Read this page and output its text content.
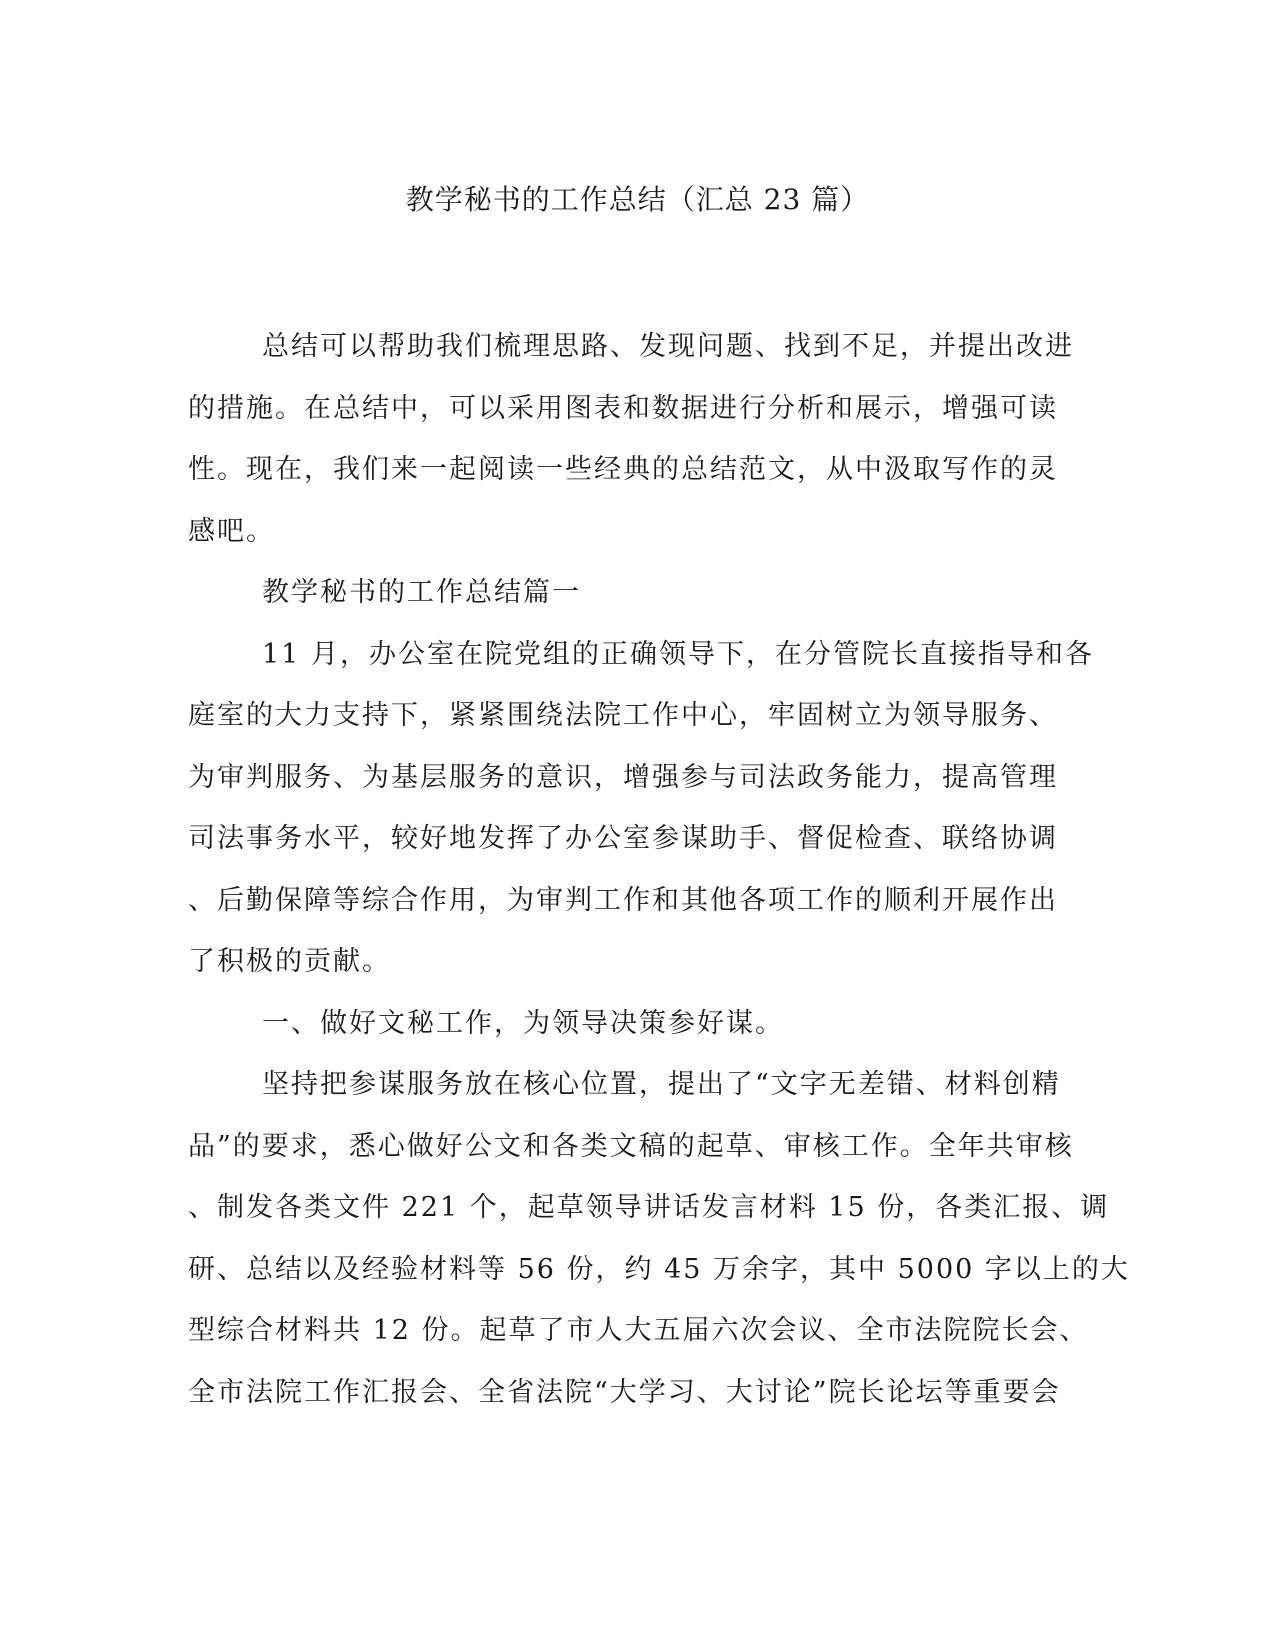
教学秘书的工作总结（汇总 23 篇）
总结可以帮助我们梳理思路、发现问题、找到不足，并提出改进
的措施。在总结中，可以采用图表和数据进行分析和展示，增强可读
性。现在，我们来一起阅读一些经典的总结范文，从中汲取写作的灵
感吧。
教学秘书的工作总结篇一
11 月，办公室在院党组的正确领导下，在分管院长直接指导和各
庭室的大力支持下，紧紧围绕法院工作中心，牢固树立为领导服务、
为审判服务、为基层服务的意识，增强参与司法政务能力，提高管理
司法事务水平，较好地发挥了办公室参谋助手、督促检查、联络协调
、后勤保障等综合作用，为审判工作和其他各项工作的顺利开展作出
了积极的贡献。
一、做好文秘工作，为领导决策参好谋。
坚持把参谋服务放在核心位置，提出了“文字无差错、材料创精
品”的要求，悉心做好公文和各类文稿的起草、审核工作。全年共审核
、制发各类文件 221 个，起草领导讲话发言材料 15 份，各类汇报、调
研、总结以及经验材料等 56 份，约 45 万余字，其中 5000 字以上的大
型综合材料共 12 份。起草了市人大五届六次会议、全市法院院长会、
全市法院工作汇报会、全省法院“大学习、大讨论”院长论坛等重要会
